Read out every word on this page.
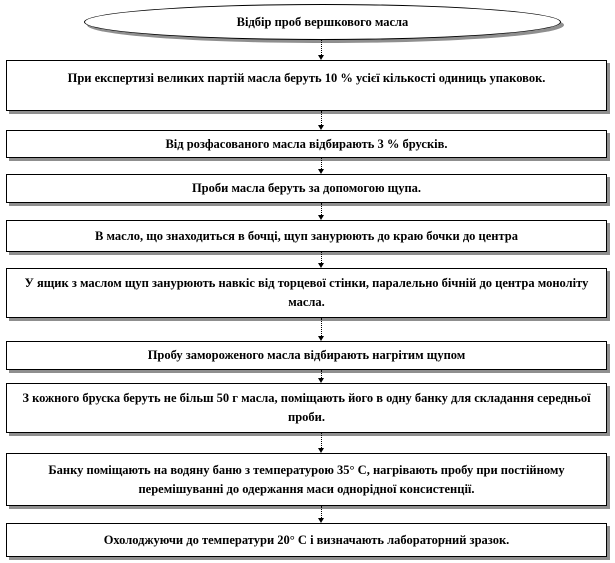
Відбір проб вершкового масла
При експертизі великих партій масла беруть 10 % усієї кількості одиниць упаковок.
Від розфасованого масла відбирають 3 % брусків.
Проби масла беруть за допомогою щупа.
В масло, що знаходиться в бочці, щуп занурюють до краю бочки до центра
У ящик з маслом щуп занурюють навкіс від торцевої стінки, паралельно бічній до центра моноліту масла.
Пробу замороженого масла відбирають нагрітим щупом
З кожного бруска беруть не більш 50 г масла, поміщають його в одну банку для складання середньої проби.
Банку поміщають на водяну баню з температурою 35° С, нагрівають пробу при постійному перемішуванні до одержання маси однорідної консистенції.
Охолоджуючи до температури 20° С і визначають лабораторний зразок.
